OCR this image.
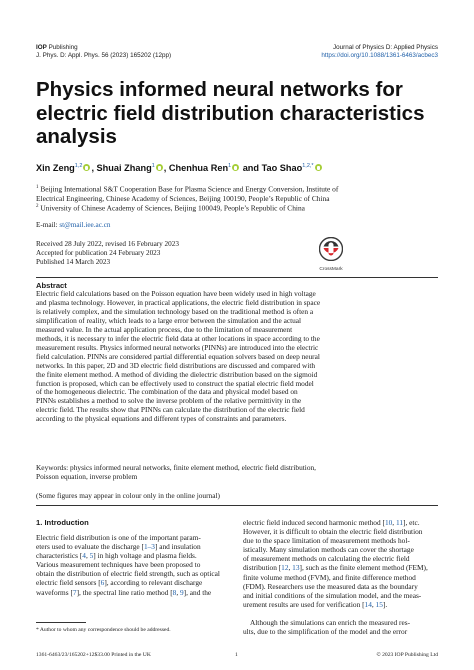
IOP Publishing
J. Phys. D: Appl. Phys. 56 (2023) 165202 (12pp)
Journal of Physics D: Applied Physics
https://doi.org/10.1088/1361-6463/acbec3
Physics informed neural networks for electric field distribution characteristics analysis
Xin Zeng$^{1,2}$ , Shuai Zhang$^1$ , Chenhua Ren$^1$ and Tao Shao$^{1,2,*}$
$^1$ Beijing International S&T Cooperation Base for Plasma Science and Energy Conversion, Institute of
Electrical Engineering, Chinese Academy of Sciences, Beijing 100190, People’s Republic of China
$^2$ University of Chinese Academy of Sciences, Beijing 100049, People’s Republic of China
E-mail: st@mail.iee.ac.cn
Received 28 July 2022, revised 16 February 2023
Accepted for publication 24 February 2023
Published 14 March 2023
CrossMark
Abstract
Electric field calculations based on the Poisson equation have been widely used in high voltage
and plasma technology. However, in practical applications, the electric field distribution in space
is relatively complex, and the simulation technology based on the traditional method is often a
simplification of reality, which leads to a large error between the simulation and the actual
measured value. In the actual application process, due to the limitation of measurement
methods, it is necessary to infer the electric field data at other locations in space according to the
measurement results. Physics informed neural networks (PINNs) are introduced into the electric
field calculation. PINNs are considered partial differential equation solvers based on deep neural
networks. In this paper, 2D and 3D electric field distributions are discussed and compared with
the finite element method. A method of dividing the dielectric distribution based on the sigmoid
function is proposed, which can be effectively used to construct the spatial electric field model
of the homogeneous dielectric. The combination of the data and physical model based on
PINNs establishes a method to solve the inverse problem of the relative permittivity in the
electric field. The results show that PINNs can calculate the distribution of the electric field
according to the physical equations and different types of constraints and parameters.
Keywords: physics informed neural networks, finite element method, electric field distribution,
Poisson equation, inverse problem
(Some figures may appear in colour only in the online journal)
1. Introduction
Electric field distribution is one of the important param-
eters used to evaluate the discharge [1–3] and insulation
characteristics [4, 5] in high voltage and plasma fields.
Various measurement techniques have been proposed to
obtain the distribution of electric field strength, such as optical
electric field sensors [6], according to relevant discharge
waveforms [7], the spectral line ratio method [8, 9], and the
electric field induced second harmonic method [10, 11], etc.
However, it is difficult to obtain the electric field distribution
due to the space limitation of measurement methods hol-
istically. Many simulation methods can cover the shortage
of measurement methods on calculating the electric field
distribution [12, 13], such as the finite element method (FEM),
finite volume method (FVM), and finite difference method
(FDM). Researchers use the measured data as the boundary
and initial conditions of the simulation model, and the meas-
urement results are used for verification [14, 15].

Although the simulations can enrich the measured res-
ults, due to the simplification of the model and the error
* Author to whom any correspondence should be addressed.
1361-6463/23/165202+12$33.00 Printed in the UK	1	© 2023 IOP Publishing Ltd
